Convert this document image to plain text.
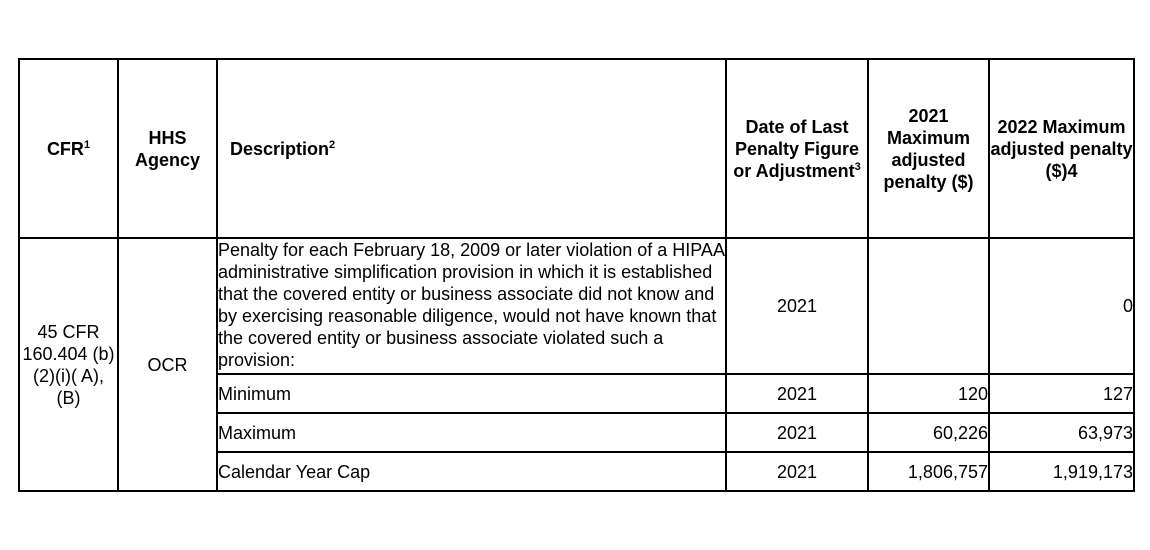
CFR$^1$	HHS Agency	Description$^2$	Date of Last Penalty Figure or Adjustment$^3$	2021 Maximum adjusted penalty ($)	2022 Maximum adjusted penalty ($)4
45 CFR 160.404 (b)(2)(i)( A), (B)	OCR	Penalty for each February 18, 2009 or later violation of a HIPAA administrative simplification provision in which it is established that the covered entity or business associate did not know and by exercising reasonable diligence, would not have known that the covered entity or business associate violated such a provision:	2021		0
		Minimum	2021	120	127
		Maximum	2021	60,226	63,973
		Calendar Year Cap	2021	1,806,757	1,919,173
